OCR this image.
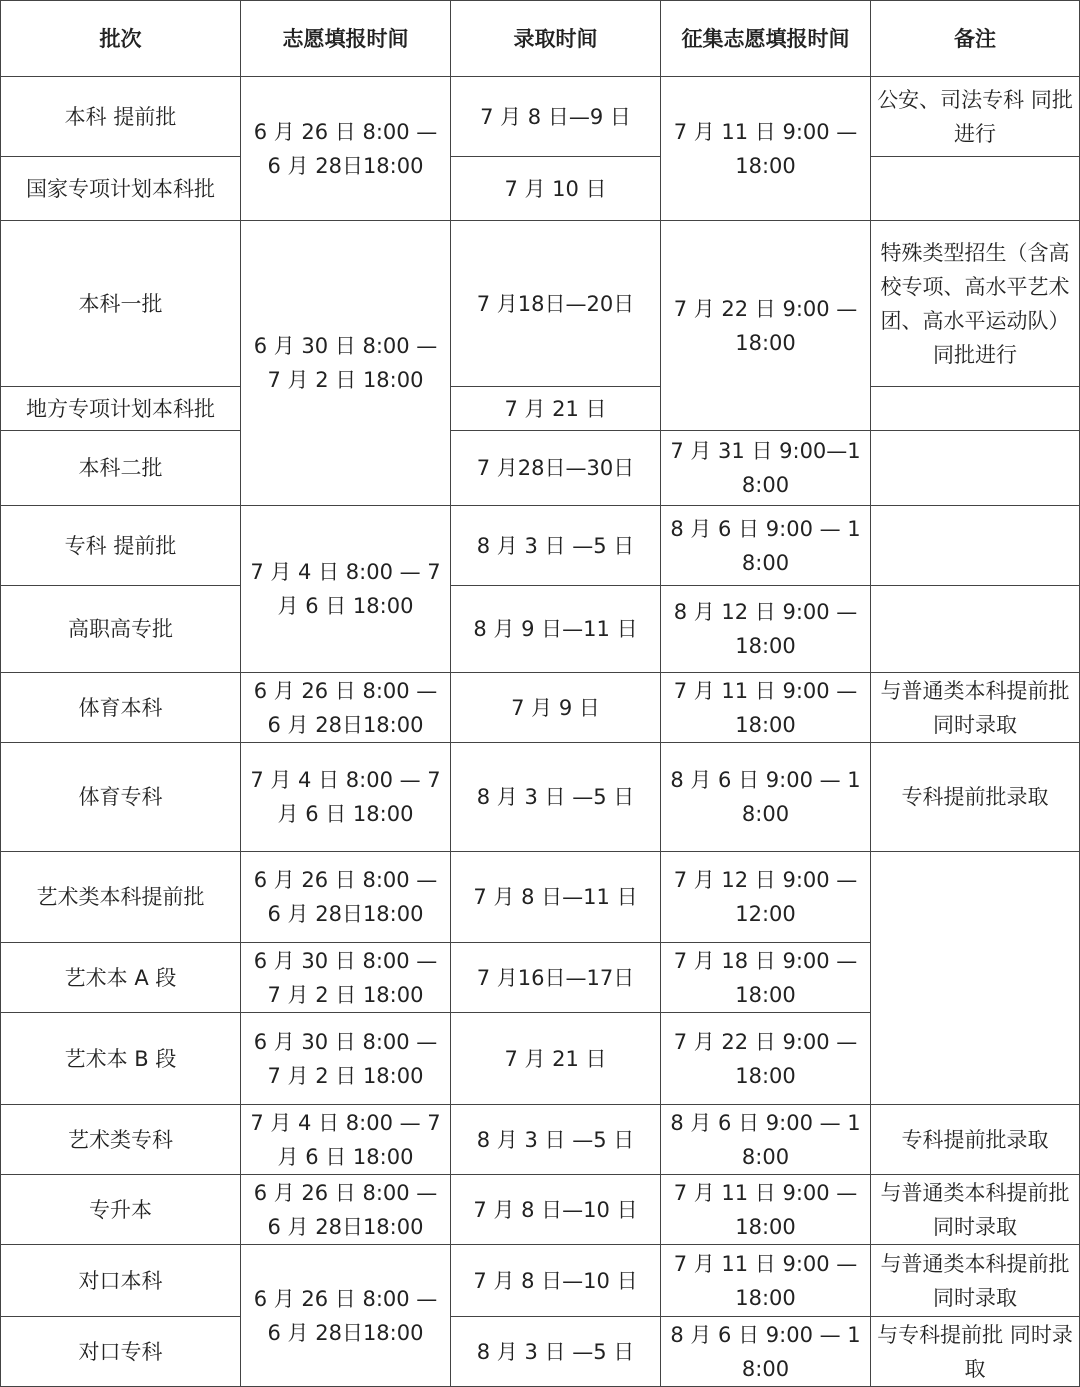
批次	志愿填报时间	录取时间	征集志愿填报时间	备注
本科 提前批	6 月 26 日 8:00 — 6 月 28日18:00	7 月 8 日—9 日	7 月 11 日 9:00 — 18:00	公安、司法专科 同批进行
国家专项计划本科批		7 月 10 日		
本科一批	6 月 30 日 8:00 — 7 月 2 日 18:00	7 月18日—20日	7 月 22 日 9:00 — 18:00	特殊类型招生（含高校专项、高水平艺术团、高水平运动队）同批进行
地方专项计划本科批		7 月 21 日		
本科二批		7 月28日—30日	7 月 31 日 9:00—18:00	
专科 提前批	7 月 4 日 8:00 — 7 月 6 日 18:00	8 月 3 日 —5 日	8 月 6 日 9:00 — 18:00	
高职高专批		8 月 9 日—11 日	8 月 12 日 9:00 — 18:00	
体育本科	6 月 26 日 8:00 — 6 月 28日18:00	7 月 9 日	7 月 11 日 9:00 — 18:00	与普通类本科提前批同时录取
体育专科	7 月 4 日 8:00 — 7 月 6 日 18:00	8 月 3 日 —5 日	8 月 6 日 9:00 — 18:00	专科提前批录取
艺术类本科提前批	6 月 26 日 8:00 — 6 月 28日18:00	7 月 8 日—11 日	7 月 12 日 9:00 — 12:00	
艺术本 A 段	6 月 30 日 8:00 — 7 月 2 日 18:00	7 月16日—17日	7 月 18 日 9:00 — 18:00	
艺术本 B 段	6 月 30 日 8:00 — 7 月 2 日 18:00	7 月 21 日	7 月 22 日 9:00 — 18:00	
艺术类专科	7 月 4 日 8:00 — 7 月 6 日 18:00	8 月 3 日 —5 日	8 月 6 日 9:00 — 18:00	专科提前批录取
专升本	6 月 26 日 8:00 — 6 月 28日18:00	7 月 8 日—10 日	7 月 11 日 9:00 — 18:00	与普通类本科提前批 同时录取
对口本科	6 月 26 日 8:00 — 6 月 28日18:00	7 月 8 日—10 日	7 月 11 日 9:00 — 18:00	与普通类本科提前批 同时录取
对口专科		8 月 3 日 —5 日	8 月 6 日 9:00 — 18:00	与专科提前批 同时录取
